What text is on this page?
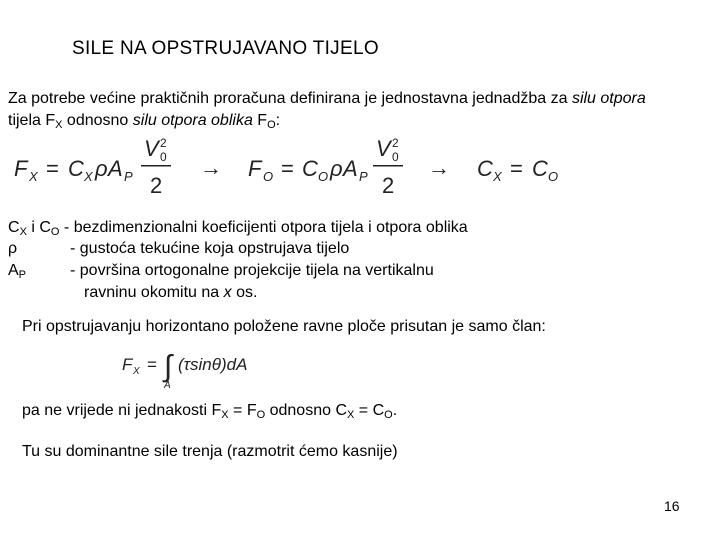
SILE NA OPSTRUJAVANO TIJELO
Za potrebe većine praktičnih proračuna definirana je jednostavna jednadžba za silu otpora
tijela $F_X$ odnosno silu otpora oblika $F_O$:
F X = C X ρ A P
V 0
2
2
→ F O = C O ρ A P
V 0
2
2
→ C X = C O
$C_X$ i $C_O$ - bezdimenzionalni koeficijenti otpora tijela i otpora oblika
ρ	- gustoća tekućine koja opstrujava tijelo
$A_P$	- površina ortogonalne projekcije tijela na vertikalnu
ravninu okomitu na x os.
Pri opstrujavanju horizontano položene ravne ploče prisutan je samo član:
F X = ∫
A
(τsinθ)dA
pa ne vrijede ni jednakosti $F_X = F_O$ odnosno $C_X = C_O$.
Tu su dominantne sile trenja (razmotrit ćemo kasnije)
16
